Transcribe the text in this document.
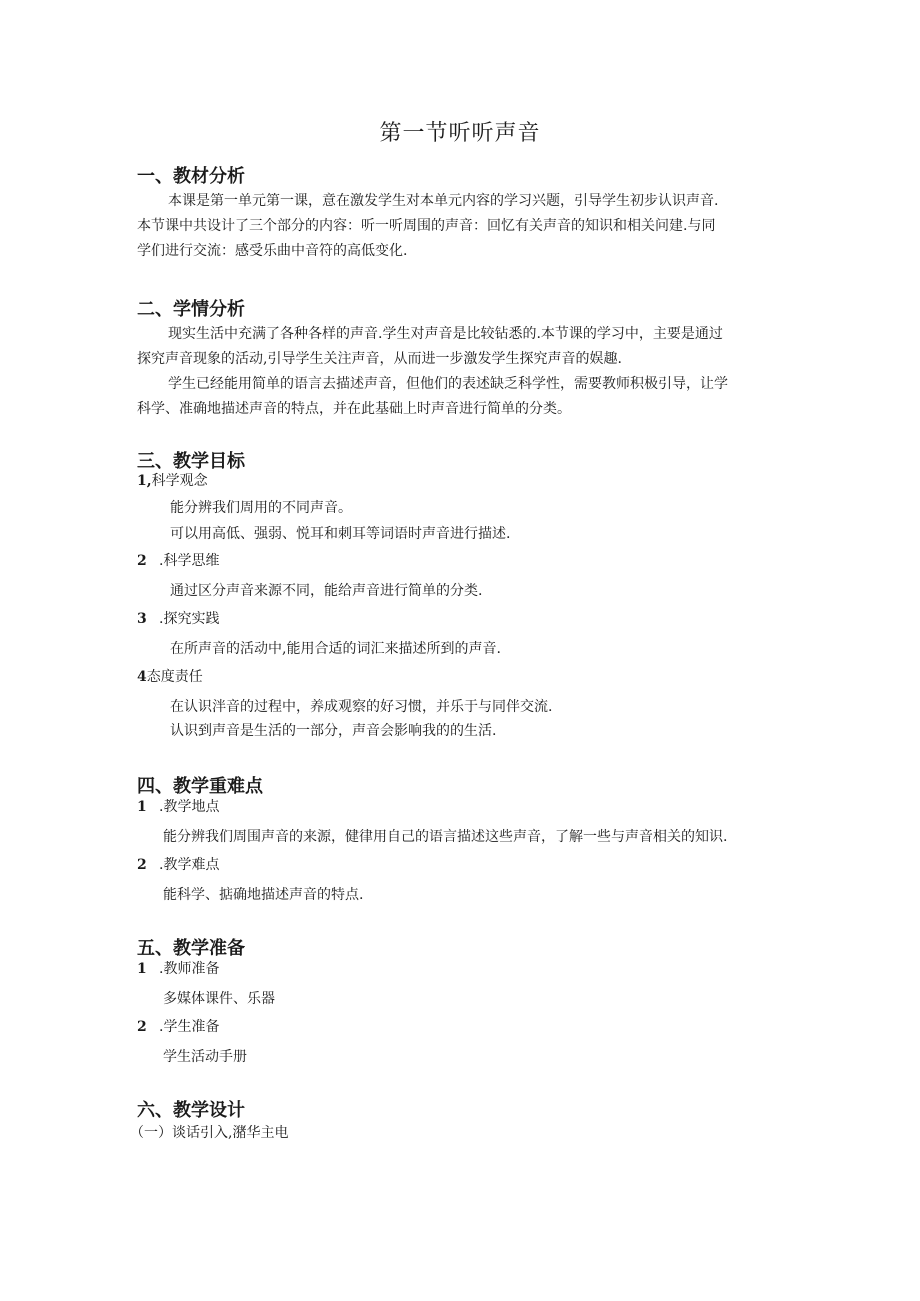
第一节听听声音
一、教材分析
本课是第一单元第一课，意在激发学生对本单元内容的学习兴题，引导学生初步认识声音.
本节课中共设计了三个部分的内容：听一听周围的声音：回忆有关声音的知识和相关问建.与同
学们进行交流：感受乐曲中音符的高低变化.
二、学情分析
现实生活中充满了各种各样的声音.学生对声音是比较钻悉的.本节课的学习中，主要是通过
探究声音现象的活动,引导学生关注声音，从而进一步激发学生探究声音的娱趣.
学生已经能用简单的语言去描述声音，但他们的表述缺乏科学性，需要教师积极引导，让学
科学、准确地描述声音的特点，并在此基础上时声音进行简单的分类。
三、教学目标
1,科学观念
能分辨我们周用的不同声音。
可以用高低、强弱、悦耳和刺耳等词语时声音进行描述.
2 .科学思维
通过区分声音来源不同，能给声音进行简单的分类.
3 .探究实践
在所声音的活动中,能用合适的词汇来描述所到的声音.
4态度责任
在认识泮音的过程中，养成观察的好习惯，并乐于与同伴交流.
认识到声音是生活的一部分，声音会影响我的的生活.
四、教学重难点
1 .教学地点
能分辨我们周围声音的来源，健律用自己的语言描述这些声音，了解一些与声音相关的知识.
2 .教学难点
能科学、掂确地描述声音的特点.
五、教学准备
1 .教师准备
多媒体课件、乐器
2 .学生准备
学生活动手册
六、教学设计
（一）谈话引入,潴华主电
